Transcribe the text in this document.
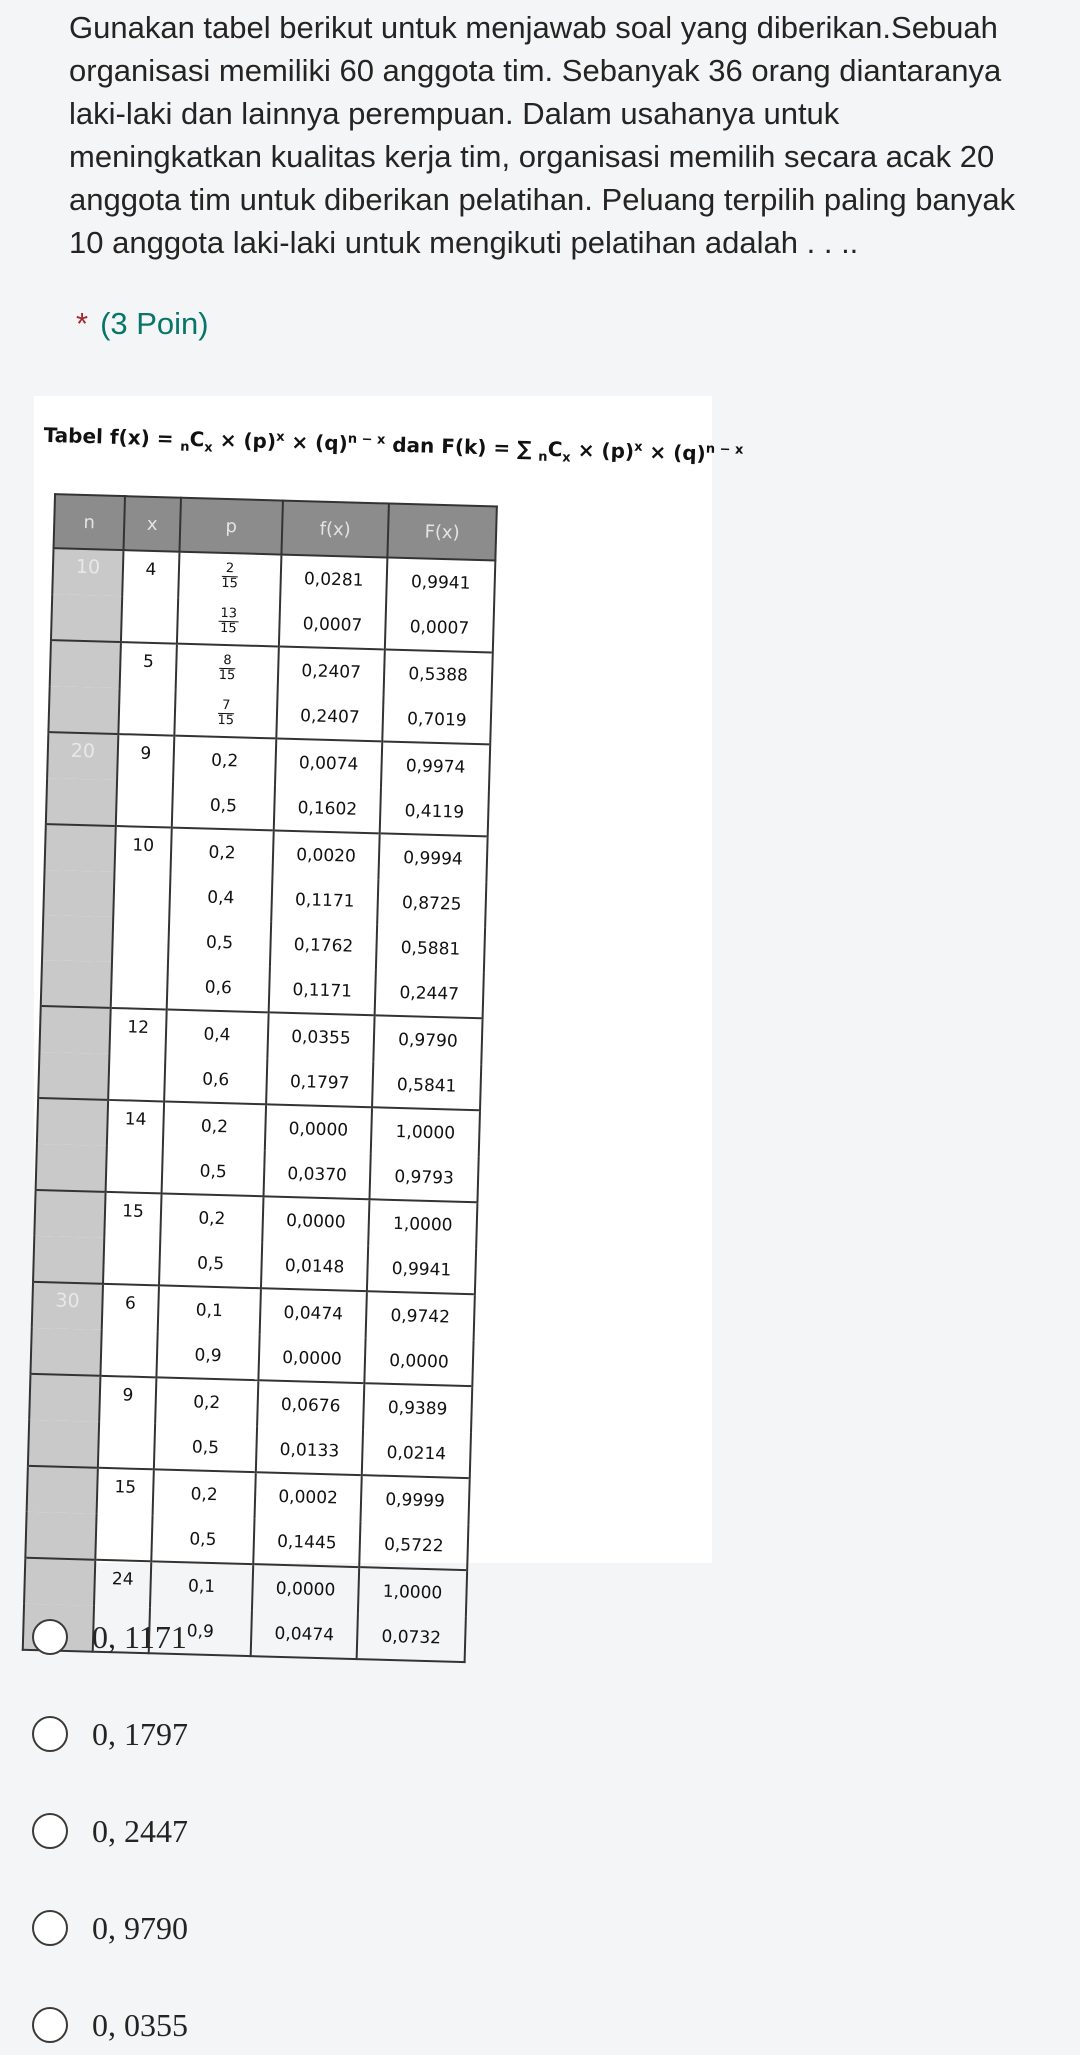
Gunakan tabel berikut untuk menjawab soal yang diberikan.Sebuah organisasi memiliki 60 anggota tim. Sebanyak 36 orang diantaranya laki-laki dan lainnya perempuan. Dalam usahanya untuk meningkatkan kualitas kerja tim, organisasi memilih secara acak 20 anggota tim untuk diberikan pelatihan. Peluang terpilih paling banyak 10 anggota laki-laki untuk mengikuti pelatihan adalah . . ..
* (3 Poin)
Tabel $f(x) = _nC_x \times (p)^x \times (q)^{n - x}$ dan F(k) = ∑ $_nC_x \times (p)^x \times (q)^{n - x}$
n	x	p	f(x)	F(x)
10	4	$\frac{2}{15}$	0,0281	0,9941

		$\frac{13}{15}$	0,0007	0,0007
	5	$\frac{8}{15}$	0,2407	0,5388

		$\frac{7}{15}$	0,2407	0,7019
20	9	0,2	0,0074	0,9974
		0,5	0,1602	0,4119
	10	0,2	0,0020	0,9994
		0,4	0,1171	0,8725
		0,5	0,1762	0,5881
		0,6	0,1171	0,2447
	12	0,4	0,0355	0,9790
		0,6	0,1797	0,5841
	14	0,2	0,0000	1,0000
		0,5	0,0370	0,9793
	15	0,2	0,0000	1,0000
		0,5	0,0148	0,9941
30	6	0,1	0,0474	0,9742
		0,9	0,0000	0,0000
	9	0,2	0,0676	0,9389
		0,5	0,0133	0,0214
	15	0,2	0,0002	0,9999
		0,5	0,1445	0,5722
	24	0,1	0,0000	1,0000
		0,9	0,0474	0,0732
0, 1171
0, 1797
0, 2447
0, 9790
0, 0355
